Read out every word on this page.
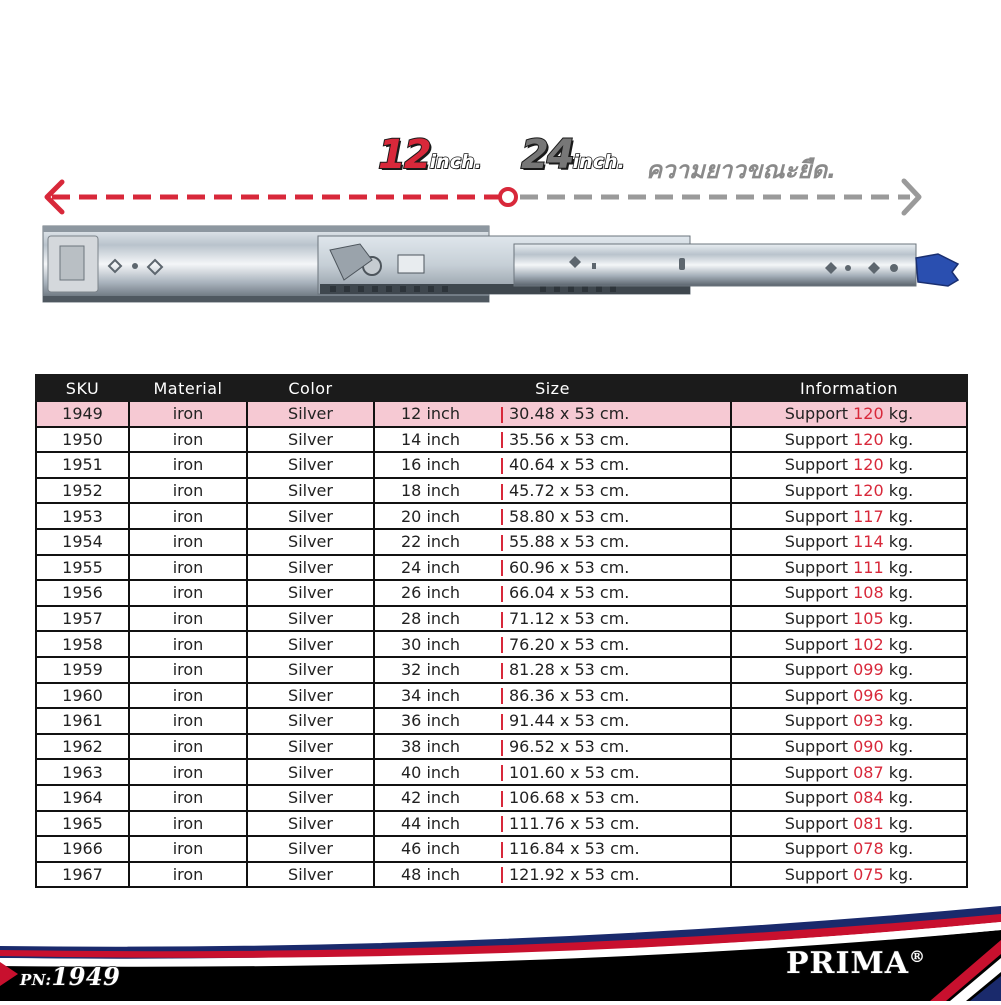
12inch. 24inch. ความยาวขณะยืด.
SKU	Material	Color	Size	Information
1949	iron	Silver	12 inch 30.48 x 53 cm.	Support 120 kg.
1950	iron	Silver	14 inch 35.56 x 53 cm.	Support 120 kg.
1951	iron	Silver	16 inch 40.64 x 53 cm.	Support 120 kg.
1952	iron	Silver	18 inch 45.72 x 53 cm.	Support 120 kg.
1953	iron	Silver	20 inch 58.80 x 53 cm.	Support 117 kg.
1954	iron	Silver	22 inch 55.88 x 53 cm.	Support 114 kg.
1955	iron	Silver	24 inch 60.96 x 53 cm.	Support 111 kg.
1956	iron	Silver	26 inch 66.04 x 53 cm.	Support 108 kg.
1957	iron	Silver	28 inch 71.12 x 53 cm.	Support 105 kg.
1958	iron	Silver	30 inch 76.20 x 53 cm.	Support 102 kg.
1959	iron	Silver	32 inch 81.28 x 53 cm.	Support 099 kg.
1960	iron	Silver	34 inch 86.36 x 53 cm.	Support 096 kg.
1961	iron	Silver	36 inch 91.44 x 53 cm.	Support 093 kg.
1962	iron	Silver	38 inch 96.52 x 53 cm.	Support 090 kg.
1963	iron	Silver	40 inch 101.60 x 53 cm.	Support 087 kg.
1964	iron	Silver	42 inch 106.68 x 53 cm.	Support 084 kg.
1965	iron	Silver	44 inch 111.76 x 53 cm.	Support 081 kg.
1966	iron	Silver	46 inch 116.84 x 53 cm.	Support 078 kg.
1967	iron	Silver	48 inch 121.92 x 53 cm.	Support 075 kg.
PN:1949	PRIMA®
